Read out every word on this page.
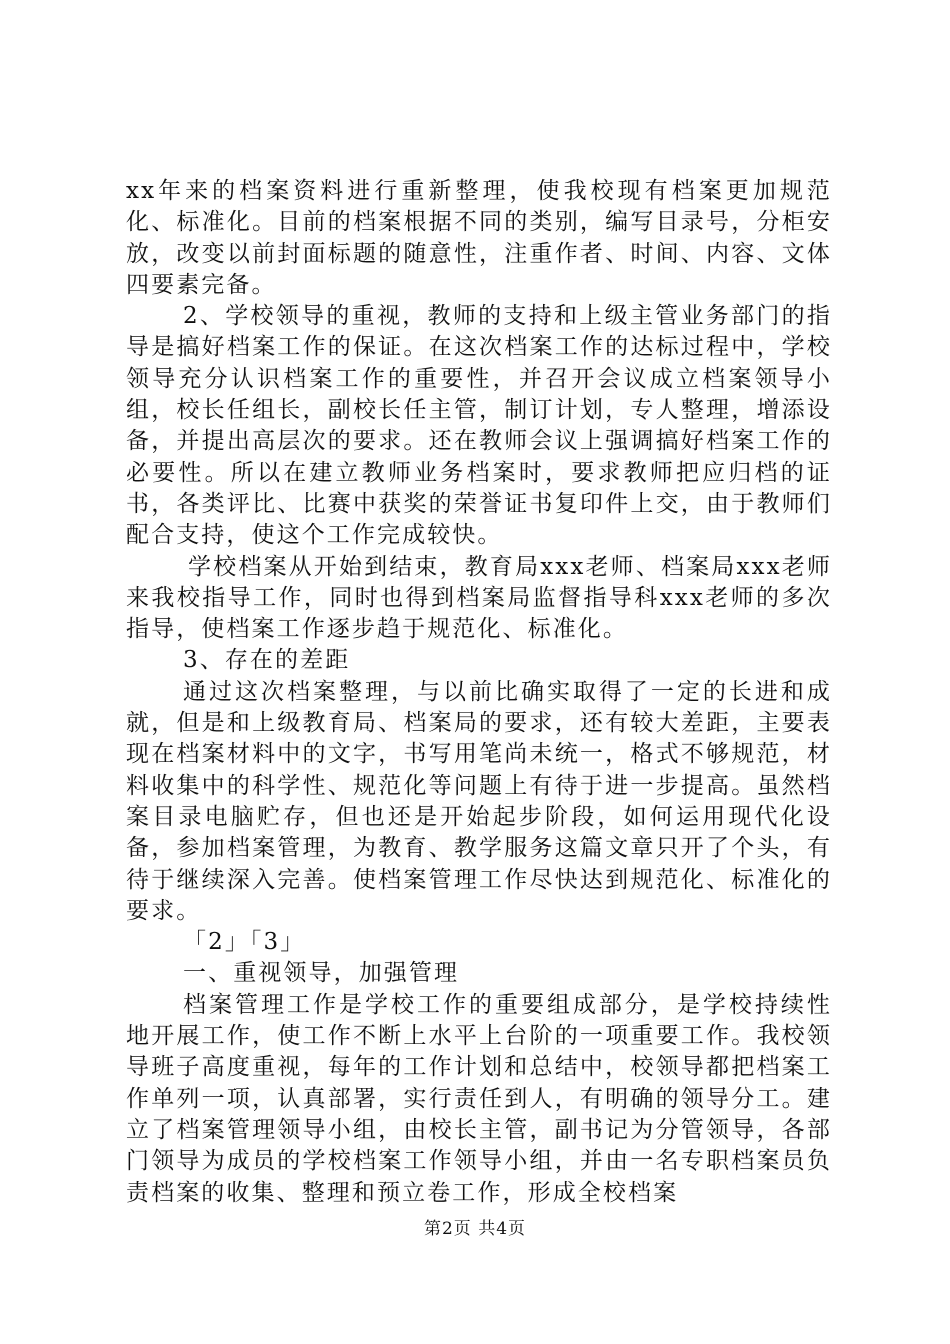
xx年来的档案资料进行重新整理，使我校现有档案更加规范化、标准化。目前的档案根据不同的类别，编写目录号，分柜安放，改变以前封面标题的随意性，注重作者、时间、内容、文体四要素完备。

2、学校领导的重视，教师的支持和上级主管业务部门的指导是搞好档案工作的保证。在这次档案工作的达标过程中，学校领导充分认识档案工作的重要性，并召开会议成立档案领导小组，校长任组长，副校长任主管，制订计划，专人整理，增添设备，并提出高层次的要求。还在教师会议上强调搞好档案工作的必要性。所以在建立教师业务档案时，要求教师把应归档的证书，各类评比、比赛中获奖的荣誉证书复印件上交，由于教师们配合支持，使这个工作完成较快。

学校档案从开始到结束，教育局xxx老师、档案局xxx老师来我校指导工作，同时也得到档案局监督指导科xxx老师的多次指导，使档案工作逐步趋于规范化、标准化。

3、存在的差距

通过这次档案整理，与以前比确实取得了一定的长进和成就，但是和上级教育局、档案局的要求，还有较大差距，主要表现在档案材料中的文字，书写用笔尚未统一，格式不够规范，材料收集中的科学性、规范化等问题上有待于进一步提高。虽然档案目录电脑贮存，但也还是开始起步阶段，如何运用现代化设备，参加档案管理，为教育、教学服务这篇文章只开了个头，有待于继续深入完善。使档案管理工作尽快达到规范化、标准化的要求。

「2」「3」

一、重视领导，加强管理

档案管理工作是学校工作的重要组成部分，是学校持续性地开展工作，使工作不断上水平上台阶的一项重要工作。我校领导班子高度重视，每年的工作计划和总结中，校领导都把档案工作单列一项，认真部署，实行责任到人，有明确的领导分工。建立了档案管理领导小组，由校长主管，副书记为分管领导，各部门领导为成员的学校档案工作领导小组，并由一名专职档案员负责档案的收集、整理和预立卷工作，形成全校档案

第2页 共4页
